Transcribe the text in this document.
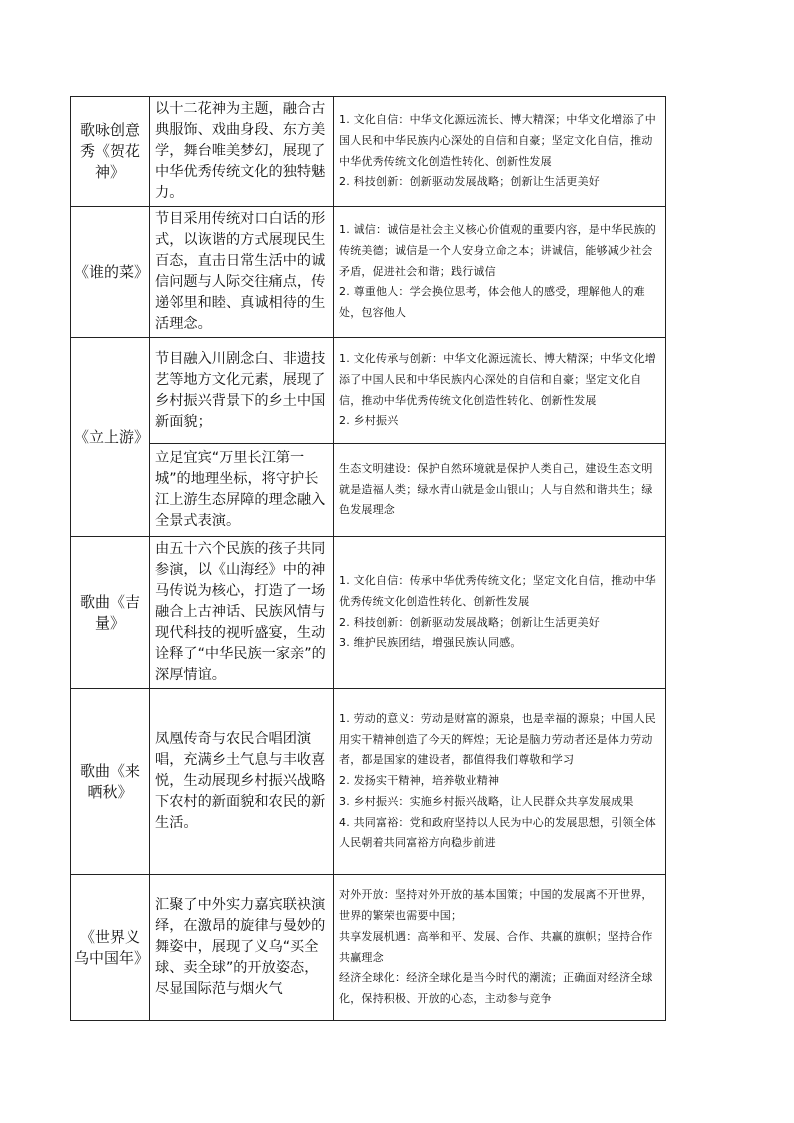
歌咏创意秀《贺花神》	以十二花神为主题，融合古典服饰、戏曲身段、东方美学，舞台唯美梦幻，展现了中华优秀传统文化的独特魅力。	1. 文化自信：中华文化源远流长、博大精深；中华文化增添了中国人民和中华民族内心深处的自信和自豪；坚定文化自信，推动中华优秀传统文化创造性转化、创新性发展
2. 科技创新：创新驱动发展战略；创新让生活更美好

《谁的菜》	节目采用传统对口白话的形式，以诙谐的方式展现民生百态，直击日常生活中的诚信问题与人际交往痛点，传递邻里和睦、真诚相待的生活理念。	1. 诚信：诚信是社会主义核心价值观的重要内容，是中华民族的传统美德；诚信是一个人安身立命之本；讲诚信，能够减少社会矛盾，促进社会和谐；践行诚信
2. 尊重他人：学会换位思考，体会他人的感受，理解他人的难处，包容他人

《立上游》	节目融入川剧念白、非遗技艺等地方文化元素，展现了乡村振兴背景下的乡土中国新面貌；	1. 文化传承与创新：中华文化源远流长、博大精深；中华文化增添了中国人民和中华民族内心深处的自信和自豪；坚定文化自信，推动中华优秀传统文化创造性转化、创新性发展
2. 乡村振兴

	立足宜宾“万里长江第一城”的地理坐标，将守护长江上游生态屏障的理念融入全景式表演。	生态文明建设：保护自然环境就是保护人类自己，建设生态文明就是造福人类；绿水青山就是金山银山；人与自然和谐共生；绿色发展理念

歌曲《吉量》	由五十六个民族的孩子共同参演，以《山海经》中的神马传说为核心，打造了一场融合上古神话、民族风情与现代科技的视听盛宴，生动诠释了“中华民族一家亲”的深厚情谊。	1. 文化自信：传承中华优秀传统文化；坚定文化自信，推动中华优秀传统文化创造性转化、创新性发展
2. 科技创新：创新驱动发展战略；创新让生活更美好
3. 维护民族团结，增强民族认同感。

歌曲《来晒秋》	凤凰传奇与农民合唱团演唱，充满乡土气息与丰收喜悦，生动展现乡村振兴战略下农村的新面貌和农民的新生活。	1. 劳动的意义：劳动是财富的源泉，也是幸福的源泉；中国人民用实干精神创造了今天的辉煌；无论是脑力劳动者还是体力劳动者，都是国家的建设者，都值得我们尊敬和学习
2. 发扬实干精神，培养敬业精神
3. 乡村振兴：实施乡村振兴战略，让人民群众共享发展成果
4. 共同富裕：党和政府坚持以人民为中心的发展思想，引领全体人民朝着共同富裕方向稳步前进

《世界义乌中国年》	汇聚了中外实力嘉宾联袂演绎，在激昂的旋律与曼妙的舞姿中，展现了义乌“买全球、卖全球”的开放姿态，尽显国际范与烟火气	对外开放：坚持对外开放的基本国策；中国的发展离不开世界，世界的繁荣也需要中国；
共享发展机遇：高举和平、发展、合作、共赢的旗帜；坚持合作共赢理念
经济全球化：经济全球化是当今时代的潮流；正确面对经济全球化，保持积极、开放的心态，主动参与竞争
